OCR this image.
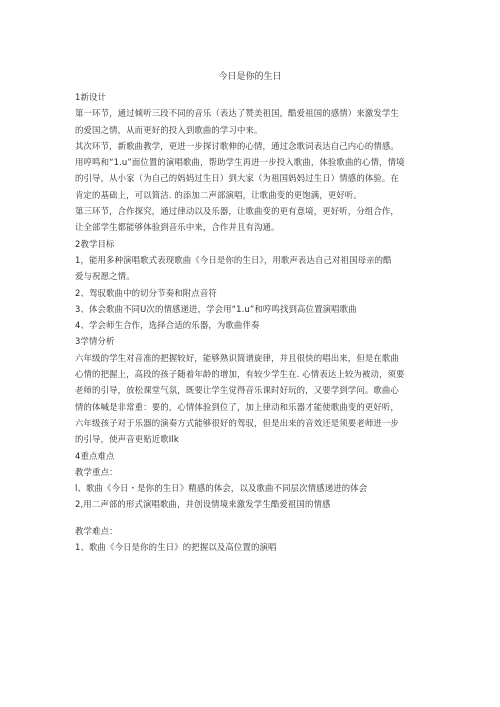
今日是你的生日

1新设计

第一环节，通过倾听三段不同的音乐（表达了赞美祖国，酷爱祖国的感情）来激发学生

的爱国之情，从而更好的投入到歌曲的学习中来。

其次环节，新歌曲教学，更进一步探讨歌伸的心情，通过念歌词表达自己内心的情感。

用哼鸣和“1.u”面位置的演唱歌曲，帮助学生再进一步投入歌曲，体验歌曲的心情，情境

的引导，从小家（为自己的妈妈过生日）到大家（为祖国妈妈过生日）情感的体验。在

肯定的基础上，可以简洁. 的添加二声部演唱，让歌曲变的更饱满，更好听。

第三环节，合作探究，通过律动以及乐器，让歌曲变的更有意境，更好听，分组合作，

让全部学生都能够体验到音乐中来，合作并且有沟通。

2教学目标

1，能用多种演唱歌式表现歌曲《今日是你的生日》，用歌声表达自己对祖国母亲的酷

爱与祝愿之情。

2、驾驭歌曲中的切分节奏和附点音符

3、体会歌曲不同U次的情感递进，学会用“1.u”和哼鸣找到高位置演唱歌曲

4、学会师生合作，选择合适的乐器，为歌曲伴奏

3学情分析

六年级的学生对音准的把握较好，能够熟识简谱旋律，并且很快的唱出来，但是在歌曲

心情的把握上，高段的孩子随着年龄的增加，有较少学生在. 心情表达上较为被动，须要

老师的引导，放松课堂气氛，既要让学生觉得音乐课时好玩的，又要学到学问。歌曲心

情的体喊是非常重：要的，心情体验到位了，加上律动和乐器才能使歌曲变的更好听，

六年级孩子对于乐器的演奏方式能够很好的驾驭，但是出来的音效还是须要老师进一步

的引导，使声音更贴近歌Ilk

4重点难点

教学重点：

l、歌曲《今日・是你的生日》精感的体会，以及歌曲不同层次情感递进的体会

2,用二声部的形式演唱歌曲，并创设情境来激发学生酷爱祖国的情感

教学难点：

1、歌曲《今日是你的生日》的把握以及高位置的演唱
